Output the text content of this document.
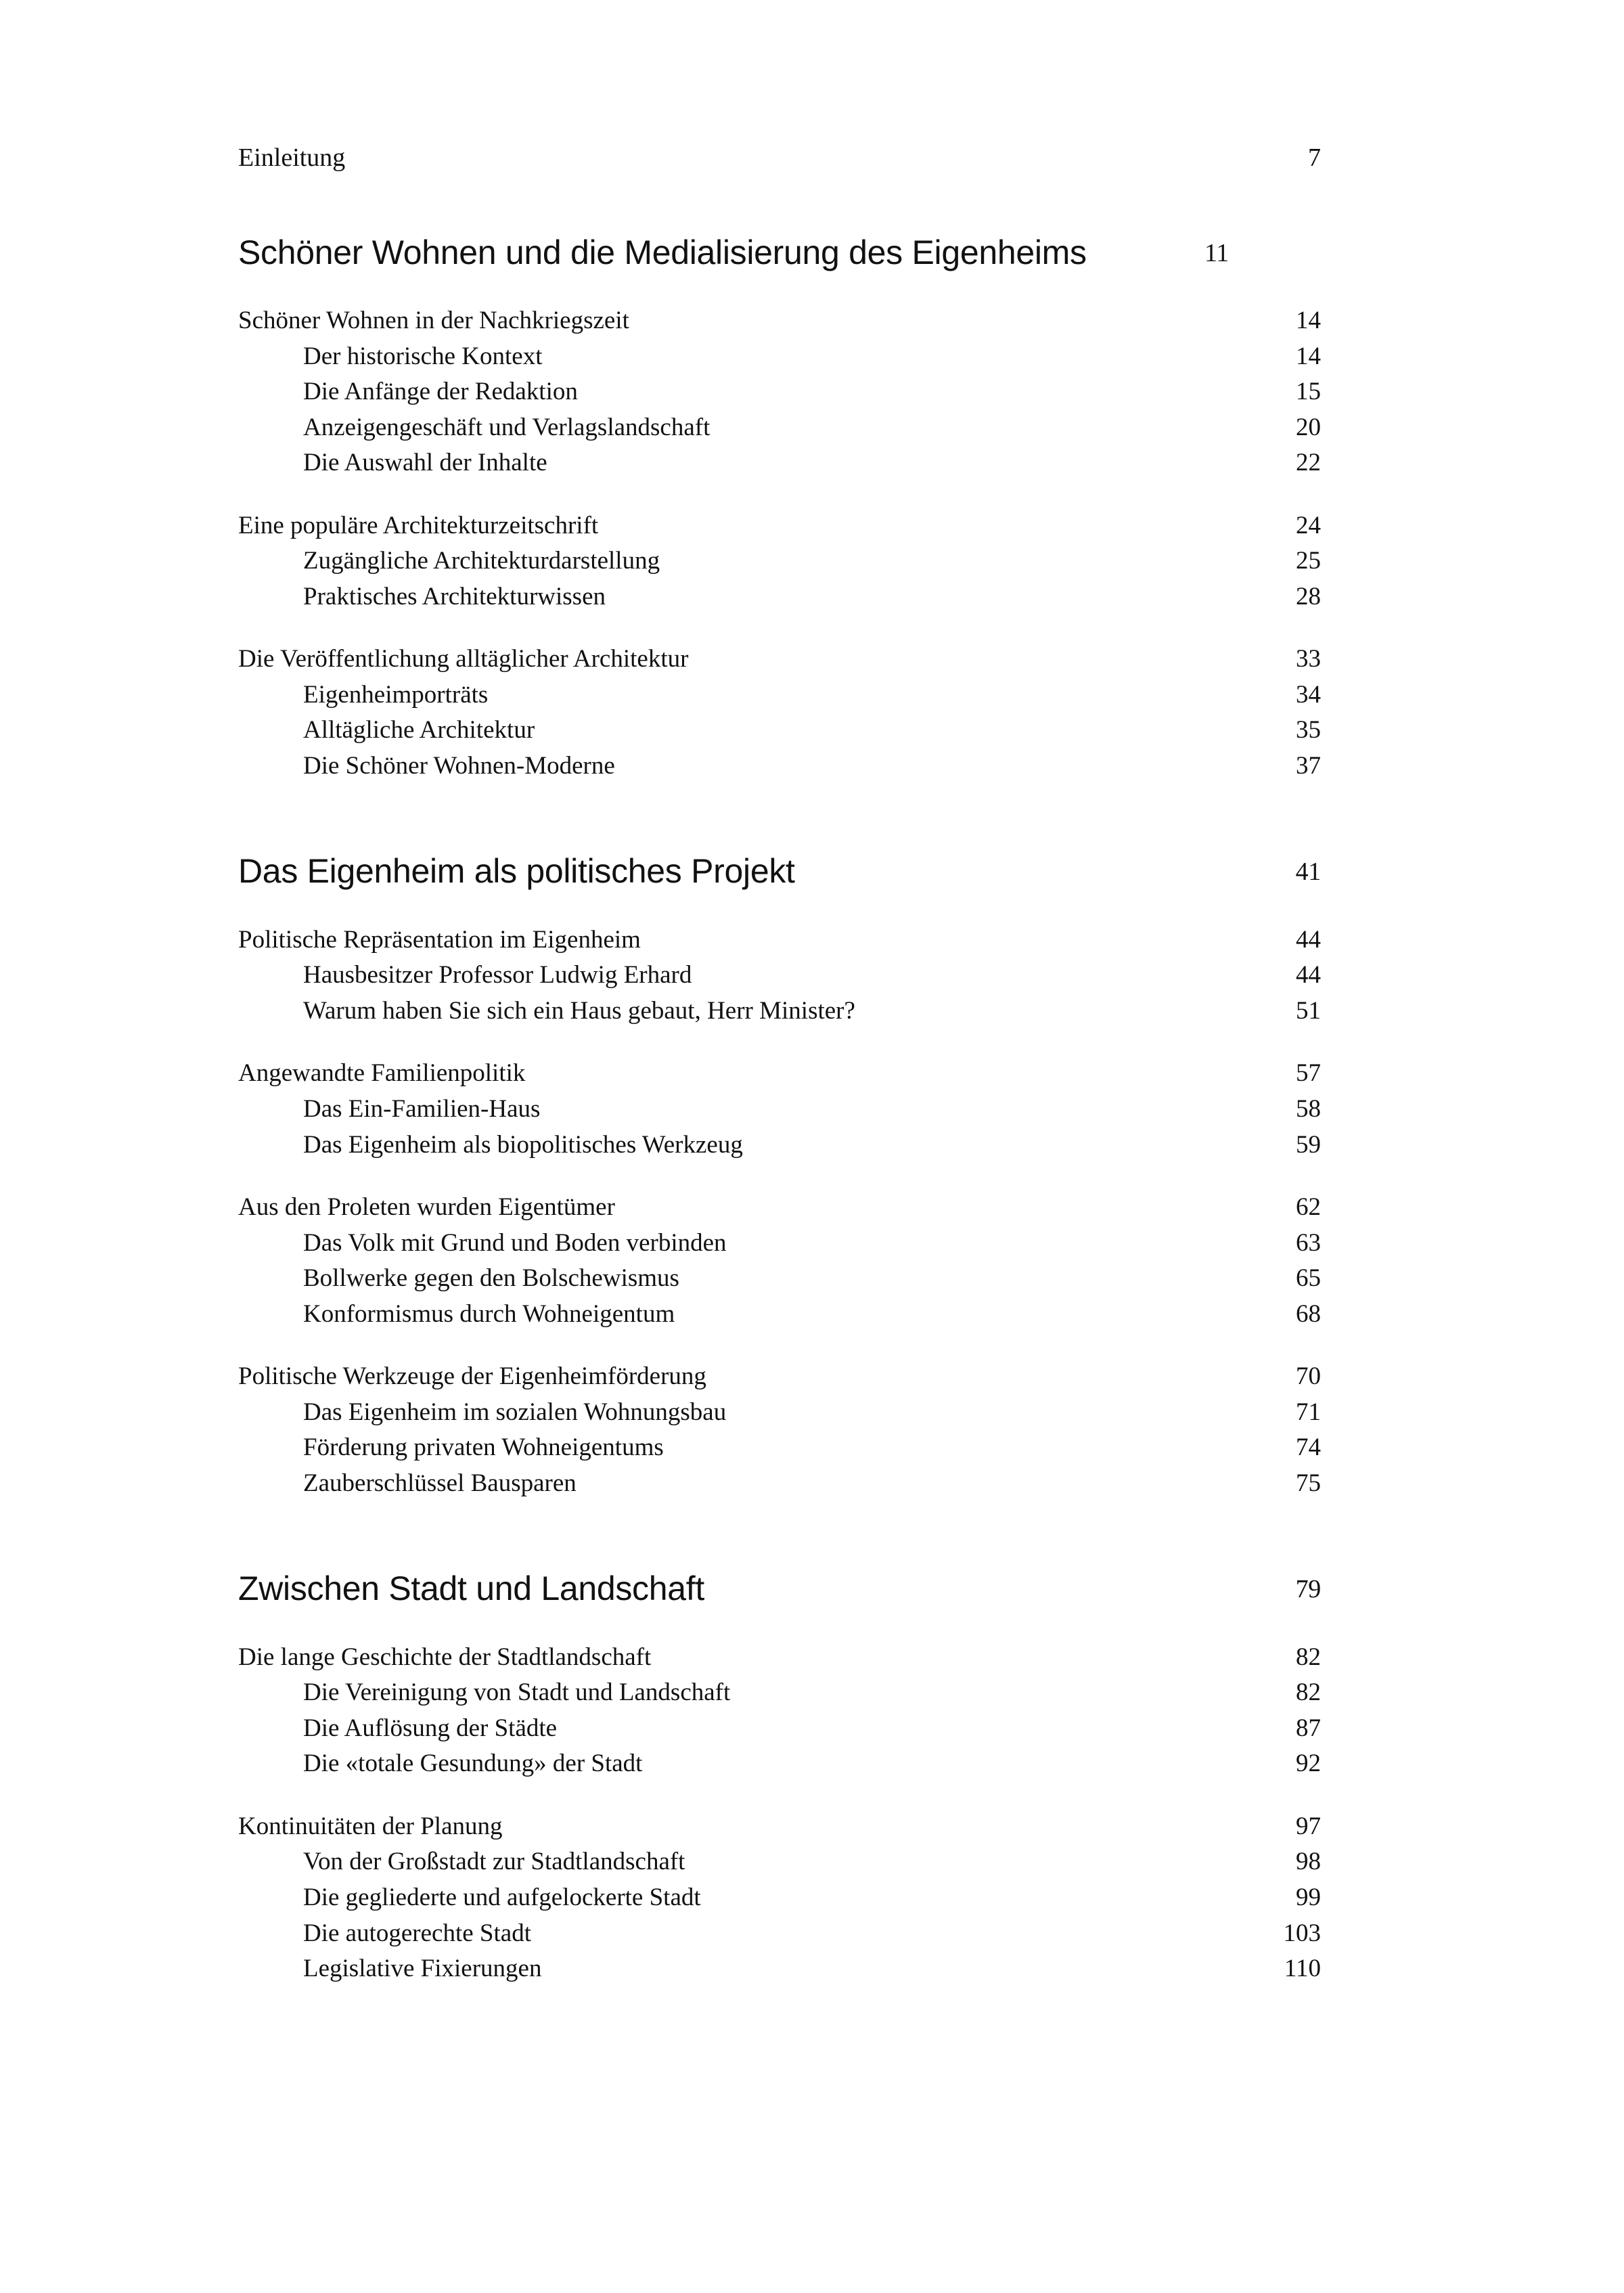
Einleitung	7
Schöner Wohnen und die Medialisierung des Eigenheims	11
Schöner Wohnen in der Nachkriegszeit	14
Der historische Kontext	14
Die Anfänge der Redaktion	15
Anzeigengeschäft und Verlagslandschaft	20
Die Auswahl der Inhalte	22
Eine populäre Architekturzeitschrift	24
Zugängliche Architekturdarstellung	25
Praktisches Architekturwissen	28
Die Veröffentlichung alltäglicher Architektur	33
Eigenheimporträts	34
Alltägliche Architektur	35
Die Schöner Wohnen-Moderne	37
Das Eigenheim als politisches Projekt	41
Politische Repräsentation im Eigenheim	44
Hausbesitzer Professor Ludwig Erhard	44
Warum haben Sie sich ein Haus gebaut, Herr Minister?	51
Angewandte Familienpolitik	57
Das Ein-Familien-Haus	58
Das Eigenheim als biopolitisches Werkzeug	59
Aus den Proleten wurden Eigentümer	62
Das Volk mit Grund und Boden verbinden	63
Bollwerke gegen den Bolschewismus	65
Konformismus durch Wohneigentum	68
Politische Werkzeuge der Eigenheimförderung	70
Das Eigenheim im sozialen Wohnungsbau	71
Förderung privaten Wohneigentums	74
Zauberschlüssel Bausparen	75
Zwischen Stadt und Landschaft	79
Die lange Geschichte der Stadtlandschaft	82
Die Vereinigung von Stadt und Landschaft	82
Die Auflösung der Städte	87
Die «totale Gesundung» der Stadt	92
Kontinuitäten der Planung	97
Von der Großstadt zur Stadtlandschaft	98
Die gegliederte und aufgelockerte Stadt	99
Die autogerechte Stadt	103
Legislative Fixierungen	110
